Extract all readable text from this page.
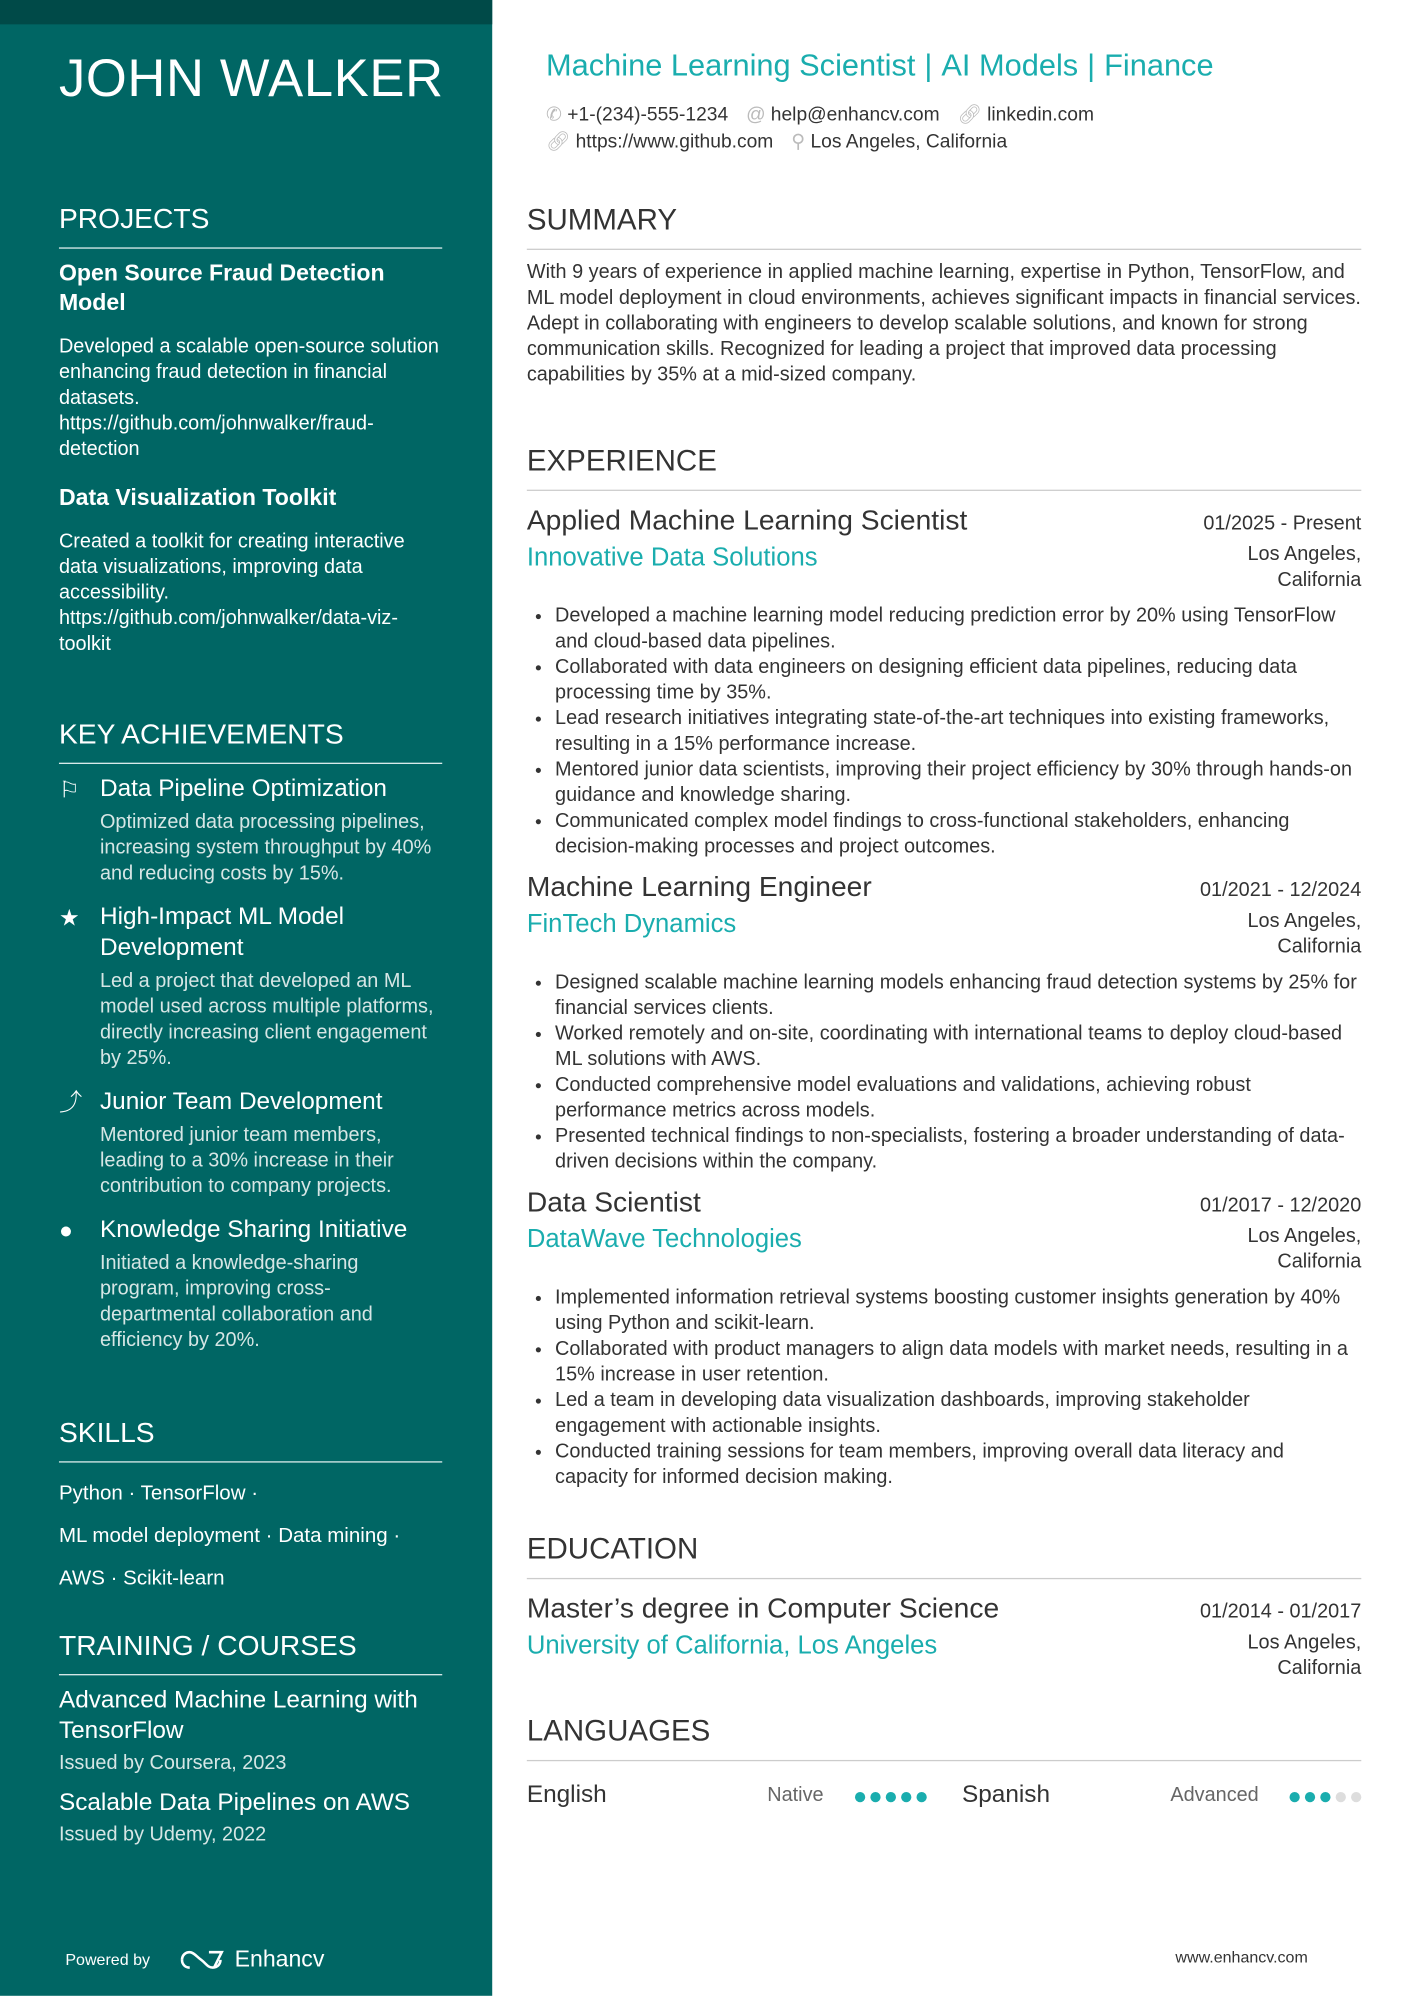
JOHN WALKER
PROJECTS
Open Source Fraud Detection Model
Developed a scalable open-source solution enhancing fraud detection in financial datasets. https://github.com/johnwalker/fraud-detection
Data Visualization Toolkit
Created a toolkit for creating interactive data visualizations, improving data accessibility. https://github.com/johnwalker/data-viz-toolkit
KEY ACHIEVEMENTS
⚐	Data Pipeline Optimization
Optimized data processing pipelines, increasing system throughput by 40% and reducing costs by 15%.
★	High-Impact ML Model Development
Led a project that developed an ML model used across multiple platforms, directly increasing client engagement by 25%.
⤴ Junior Team Development
Mentored junior team members, leading to a 30% increase in their contribution to company projects.
●	Knowledge Sharing Initiative
Initiated a knowledge-sharing program, improving cross-departmental collaboration and efficiency by 20%.
SKILLS
Python · TensorFlow ·
ML model deployment · Data mining ·
AWS · Scikit-learn
TRAINING / COURSES
Advanced Machine Learning with TensorFlow
Issued by Coursera, 2023
Scalable Data Pipelines on AWS
Issued by Udemy, 2022
Powered by	Enhancv
Machine Learning Scientist | AI Models | Finance
✆ +1-(234)-555-1234 @ help@enhancv.com 🔗︎ linkedin.com
🔗︎ https://www.github.com ⚲ Los Angeles, California
SUMMARY
With 9 years of experience in applied machine learning, expertise in Python, TensorFlow, and ML model deployment in cloud environments, achieves significant impacts in financial services. Adept in collaborating with engineers to develop scalable solutions, and known for strong communication skills. Recognized for leading a project that improved data processing capabilities by 35% at a mid-sized company.
EXPERIENCE
Applied Machine Learning Scientist	01/2025 - Present
Innovative Data Solutions	Los Angeles, California
• Developed a machine learning model reducing prediction error by 20% using TensorFlow and cloud-based data pipelines.
• Collaborated with data engineers on designing efficient data pipelines, reducing data processing time by 35%.
• Lead research initiatives integrating state-of-the-art techniques into existing frameworks, resulting in a 15% performance increase.
• Mentored junior data scientists, improving their project efficiency by 30% through hands-on guidance and knowledge sharing.
• Communicated complex model findings to cross-functional stakeholders, enhancing decision-making processes and project outcomes.
Machine Learning Engineer	01/2021 - 12/2024
FinTech Dynamics	Los Angeles, California
• Designed scalable machine learning models enhancing fraud detection systems by 25% for financial services clients.
• Worked remotely and on-site, coordinating with international teams to deploy cloud-based ML solutions with AWS.
• Conducted comprehensive model evaluations and validations, achieving robust performance metrics across models.
• Presented technical findings to non-specialists, fostering a broader understanding of data-driven decisions within the company.
Data Scientist	01/2017 - 12/2020
DataWave Technologies	Los Angeles, California
• Implemented information retrieval systems boosting customer insights generation by 40% using Python and scikit-learn.
• Collaborated with product managers to align data models with market needs, resulting in a 15% increase in user retention.
• Led a team in developing data visualization dashboards, improving stakeholder engagement with actionable insights.
• Conducted training sessions for team members, improving overall data literacy and capacity for informed decision making.
EDUCATION
Master’s degree in Computer Science	01/2014 - 01/2017
University of California, Los Angeles	Los Angeles, California
LANGUAGES
English	Native	Spanish	Advanced
www.enhancv.com
